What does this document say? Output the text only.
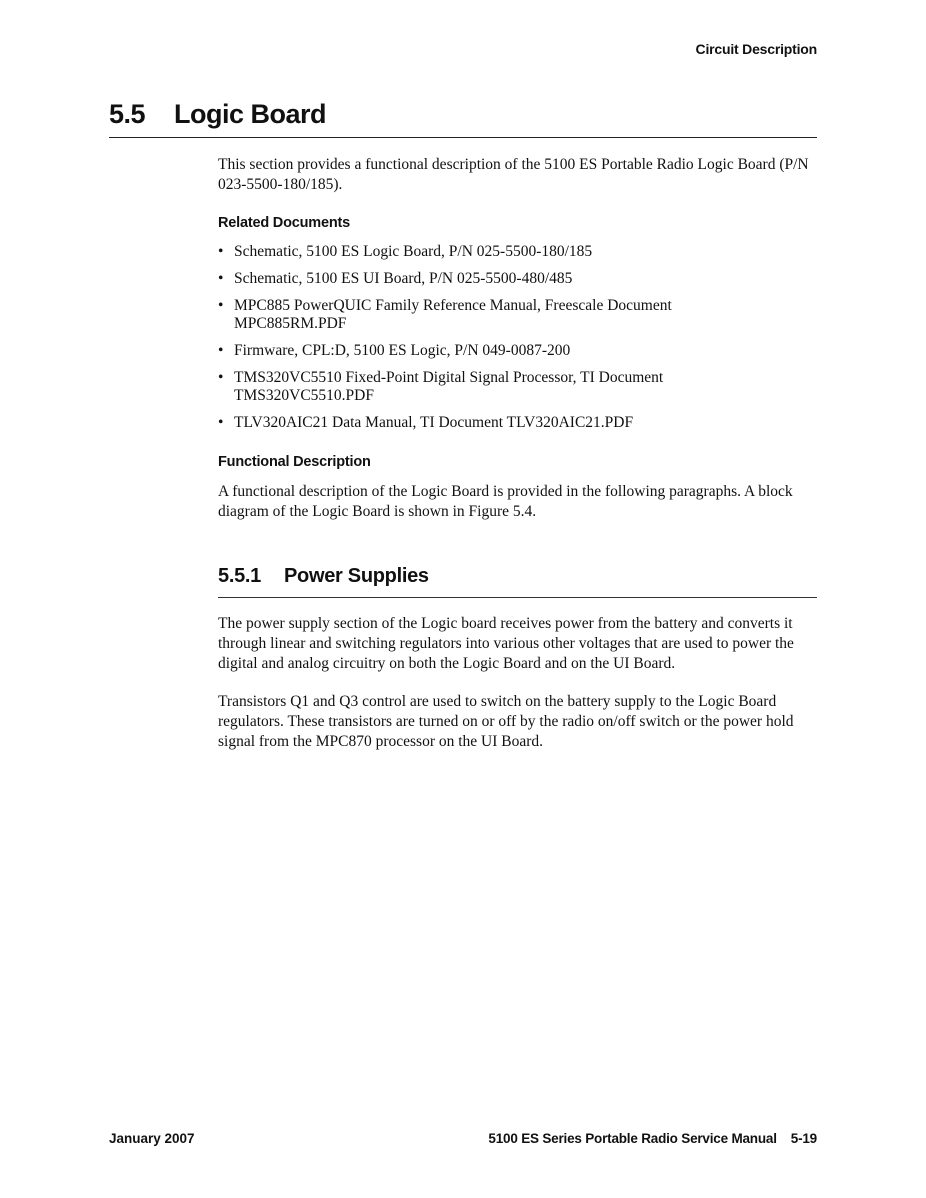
Circuit Description
5.5 Logic Board

This section provides a functional description of the 5100 ES Portable Radio Logic Board (P/N 023-5500-180/185).

Related Documents
• Schematic, 5100 ES Logic Board, P/N 025-5500-180/185
• Schematic, 5100 ES UI Board, P/N 025-5500-480/485
• MPC885 PowerQUIC Family Reference Manual, Freescale Document MPC885RM.PDF
• Firmware, CPL:D, 5100 ES Logic, P/N 049-0087-200
• TMS320VC5510 Fixed-Point Digital Signal Processor, TI Document TMS320VC5510.PDF
• TLV320AIC21 Data Manual, TI Document TLV320AIC21.PDF
Functional Description

A functional description of the Logic Board is provided in the following paragraphs. A block diagram of the Logic Board is shown in Figure 5.4.

5.5.1 Power Supplies

The power supply section of the Logic board receives power from the battery and converts it through linear and switching regulators into various other voltages that are used to power the digital and analog circuitry on both the Logic Board and on the UI Board.

Transistors Q1 and Q3 control are used to switch on the battery supply to the Logic Board regulators. These transistors are turned on or off by the radio on/off switch or the power hold signal from the MPC870 processor on the UI Board.

January 2007	5100 ES Series Portable Radio Service Manual 5-19
